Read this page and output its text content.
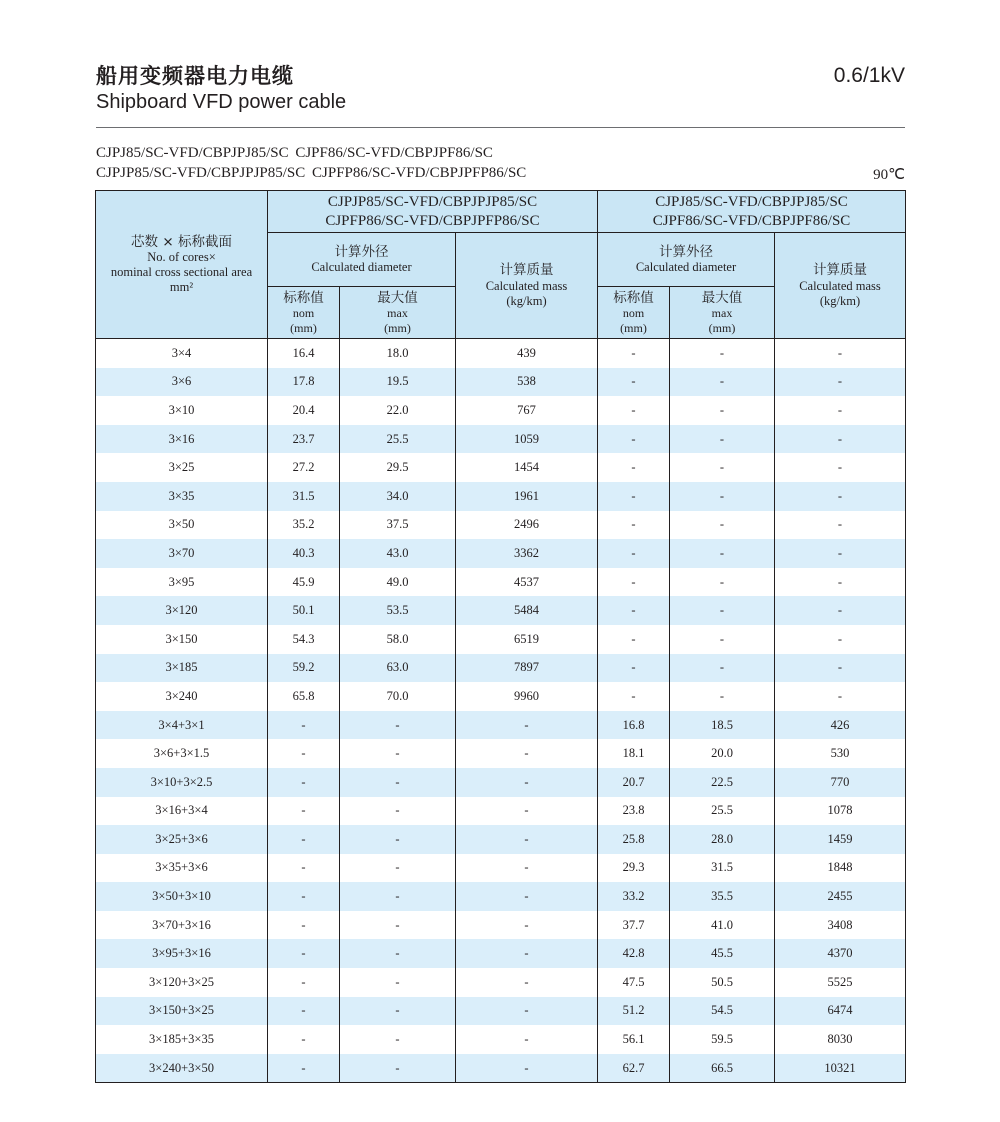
船用变频器电力电缆
Shipboard VFD power cable
0.6/1kV
CJPJ85/SC-VFD/CBPJPJ85/SC CJPF86/SC-VFD/CBPJPF86/SC
CJPJP85/SC-VFD/CBPJPJP85/SC CJPFP86/SC-VFD/CBPJPFP86/SC	90℃
芯数 × 标称截面
No. of cores×
nominal cross sectional area
mm²	CJPJP85/SC-VFD/CBPJPJP85/SC
CJPFP86/SC-VFD/CBPJPFP86/SC			CJPJ85/SC-VFD/CBPJPJ85/SC
CJPF86/SC-VFD/CBPJPF86/SC		

	计算外径
Calculated diameter		计算质量
Calculated mass
(kg/km)	计算外径
Calculated diameter		计算质量
Calculated mass
(kg/km)

	标称值
nom
(mm)	最大值
max
(mm)		标称值
nom
(mm)	最大值
max
(mm)	

3×4	16.4	18.0	439	-	-	-
3×6	17.8	19.5	538	-	-	-
3×10	20.4	22.0	767	-	-	-
3×16	23.7	25.5	1059	-	-	-
3×25	27.2	29.5	1454	-	-	-
3×35	31.5	34.0	1961	-	-	-
3×50	35.2	37.5	2496	-	-	-
3×70	40.3	43.0	3362	-	-	-
3×95	45.9	49.0	4537	-	-	-
3×120	50.1	53.5	5484	-	-	-
3×150	54.3	58.0	6519	-	-	-
3×185	59.2	63.0	7897	-	-	-
3×240	65.8	70.0	9960	-	-	-
3×4+3×1	-	-	-	16.8	18.5	426
3×6+3×1.5	-	-	-	18.1	20.0	530
3×10+3×2.5	-	-	-	20.7	22.5	770
3×16+3×4	-	-	-	23.8	25.5	1078
3×25+3×6	-	-	-	25.8	28.0	1459
3×35+3×6	-	-	-	29.3	31.5	1848
3×50+3×10	-	-	-	33.2	35.5	2455
3×70+3×16	-	-	-	37.7	41.0	3408
3×95+3×16	-	-	-	42.8	45.5	4370
3×120+3×25	-	-	-	47.5	50.5	5525
3×150+3×25	-	-	-	51.2	54.5	6474
3×185+3×35	-	-	-	56.1	59.5	8030
3×240+3×50	-	-	-	62.7	66.5	10321
